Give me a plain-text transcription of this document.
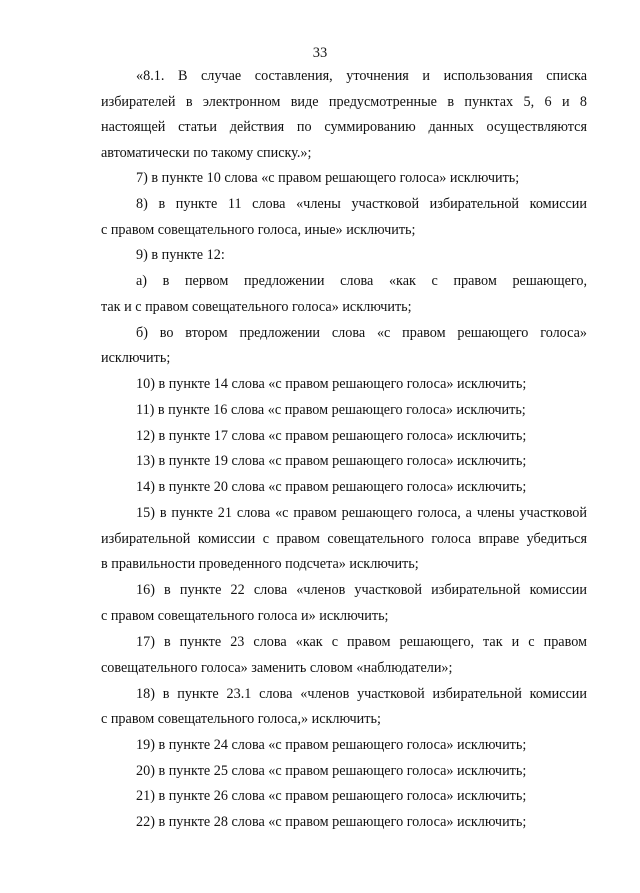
33
«8.1. В случае составления, уточнения и использования списка
избирателей в электронном виде предусмотренные в пунктах 5, 6 и 8
настоящей статьи действия по суммированию данных осуществляются
автоматически по такому списку.»;
7) в пункте 10 слова «с правом решающего голоса» исключить;
8) в пункте 11 слова «члены участковой избирательной комиссии
с правом совещательного голоса, иные» исключить;
9) в пункте 12:
а) в первом предложении слова «как с правом решающего,
так и с правом совещательного голоса» исключить;
б) во втором предложении слова «с правом решающего голоса»
исключить;
10) в пункте 14 слова «с правом решающего голоса» исключить;
11) в пункте 16 слова «с правом решающего голоса» исключить;
12) в пункте 17 слова «с правом решающего голоса» исключить;
13) в пункте 19 слова «с правом решающего голоса» исключить;
14) в пункте 20 слова «с правом решающего голоса» исключить;
15) в пункте 21 слова «с правом решающего голоса, а члены участковой
избирательной комиссии с правом совещательного голоса вправе убедиться
в правильности проведенного подсчета» исключить;
16) в пункте 22 слова «членов участковой избирательной комиссии
с правом совещательного голоса и» исключить;
17) в пункте 23 слова «как с правом решающего, так и с правом
совещательного голоса» заменить словом «наблюдатели»;
18) в пункте 23.1 слова «членов участковой избирательной комиссии
с правом совещательного голоса,» исключить;
19) в пункте 24 слова «с правом решающего голоса» исключить;
20) в пункте 25 слова «с правом решающего голоса» исключить;
21) в пункте 26 слова «с правом решающего голоса» исключить;
22) в пункте 28 слова «с правом решающего голоса» исключить;
